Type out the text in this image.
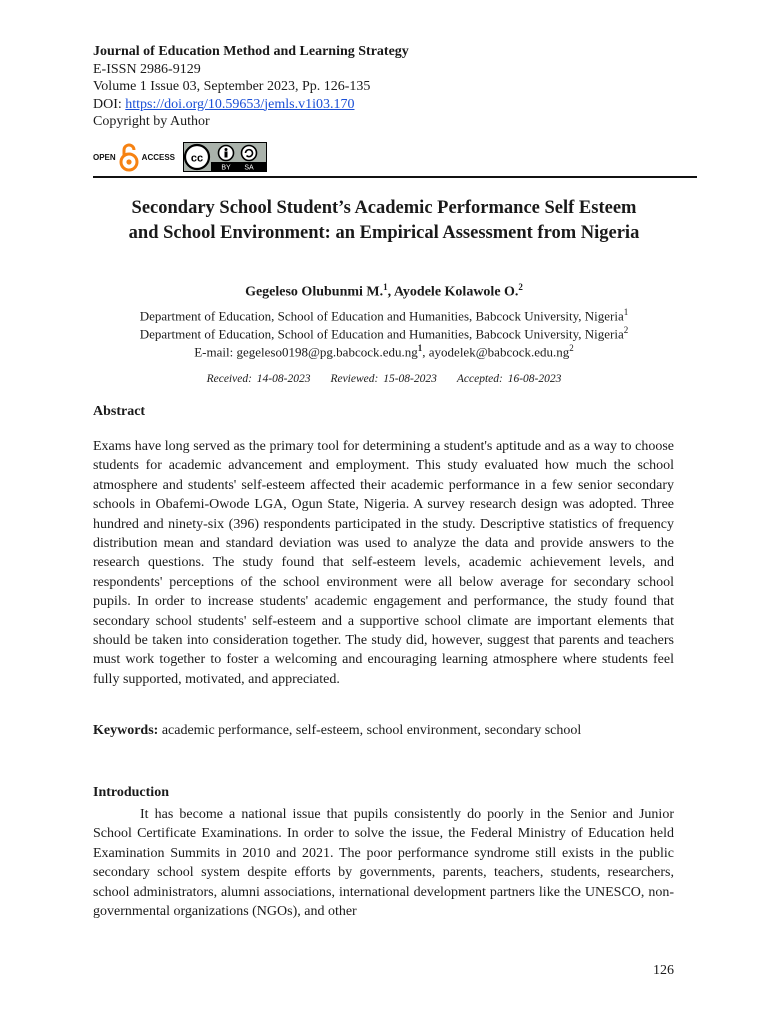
Journal of Education Method and Learning Strategy
E-ISSN 2986-9129
Volume 1 Issue 03, September 2023, Pp. 126-135
DOI: https://doi.org/10.59653/jemls.v1i03.170
Copyright by Author
OPEN	ACCESS cc
BY SA
Secondary School Student’s Academic Performance Self Esteem
and School Environment: an Empirical Assessment from Nigeria
Gegeleso Olubunmi M.$^1$, Ayodele Kolawole O.$^2$
Department of Education, School of Education and Humanities, Babcock University, Nigeria$^1$
Department of Education, School of Education and Humanities, Babcock University, Nigeria$^2$
E-mail: $gegeleso0198@pg.babcock.edu.ng^1$, $ayodelek@babcock.edu.ng^2$
Received: 14-08-2023 Reviewed: 15-08-2023 Accepted: 16-08-2023
Abstract

Exams have long served as the primary tool for determining a student's aptitude and as a way to choose students for academic advancement and employment. This study evaluated how much the school atmosphere and students' self-esteem affected their academic performance in a few senior secondary schools in Obafemi-Owode LGA, Ogun State, Nigeria. A survey research design was adopted. Three hundred and ninety-six (396) respondents participated in the study. Descriptive statistics of frequency distribution mean and standard deviation was used to analyze the data and provide answers to the research questions. The study found that self-esteem levels, academic achievement levels, and respondents' perceptions of the school environment were all below average for secondary school pupils. In order to increase students' academic engagement and performance, the study found that secondary school students' self-esteem and a supportive school climate are important elements that should be taken into consideration together. The study did, however, suggest that parents and teachers must work together to foster a welcoming and encouraging learning atmosphere where students feel fully supported, motivated, and appreciated.

Keywords: academic performance, self-esteem, school environment, secondary school
Introduction

It has become a national issue that pupils consistently do poorly in the Senior and Junior School Certificate Examinations. In order to solve the issue, the Federal Ministry of Education held Examination Summits in 2010 and 2021. The poor performance syndrome still exists in the public secondary school system despite efforts by governments, parents, teachers, students, researchers, school administrators, alumni associations, international development partners like the UNESCO, non-governmental organizations (NGOs), and other

126
